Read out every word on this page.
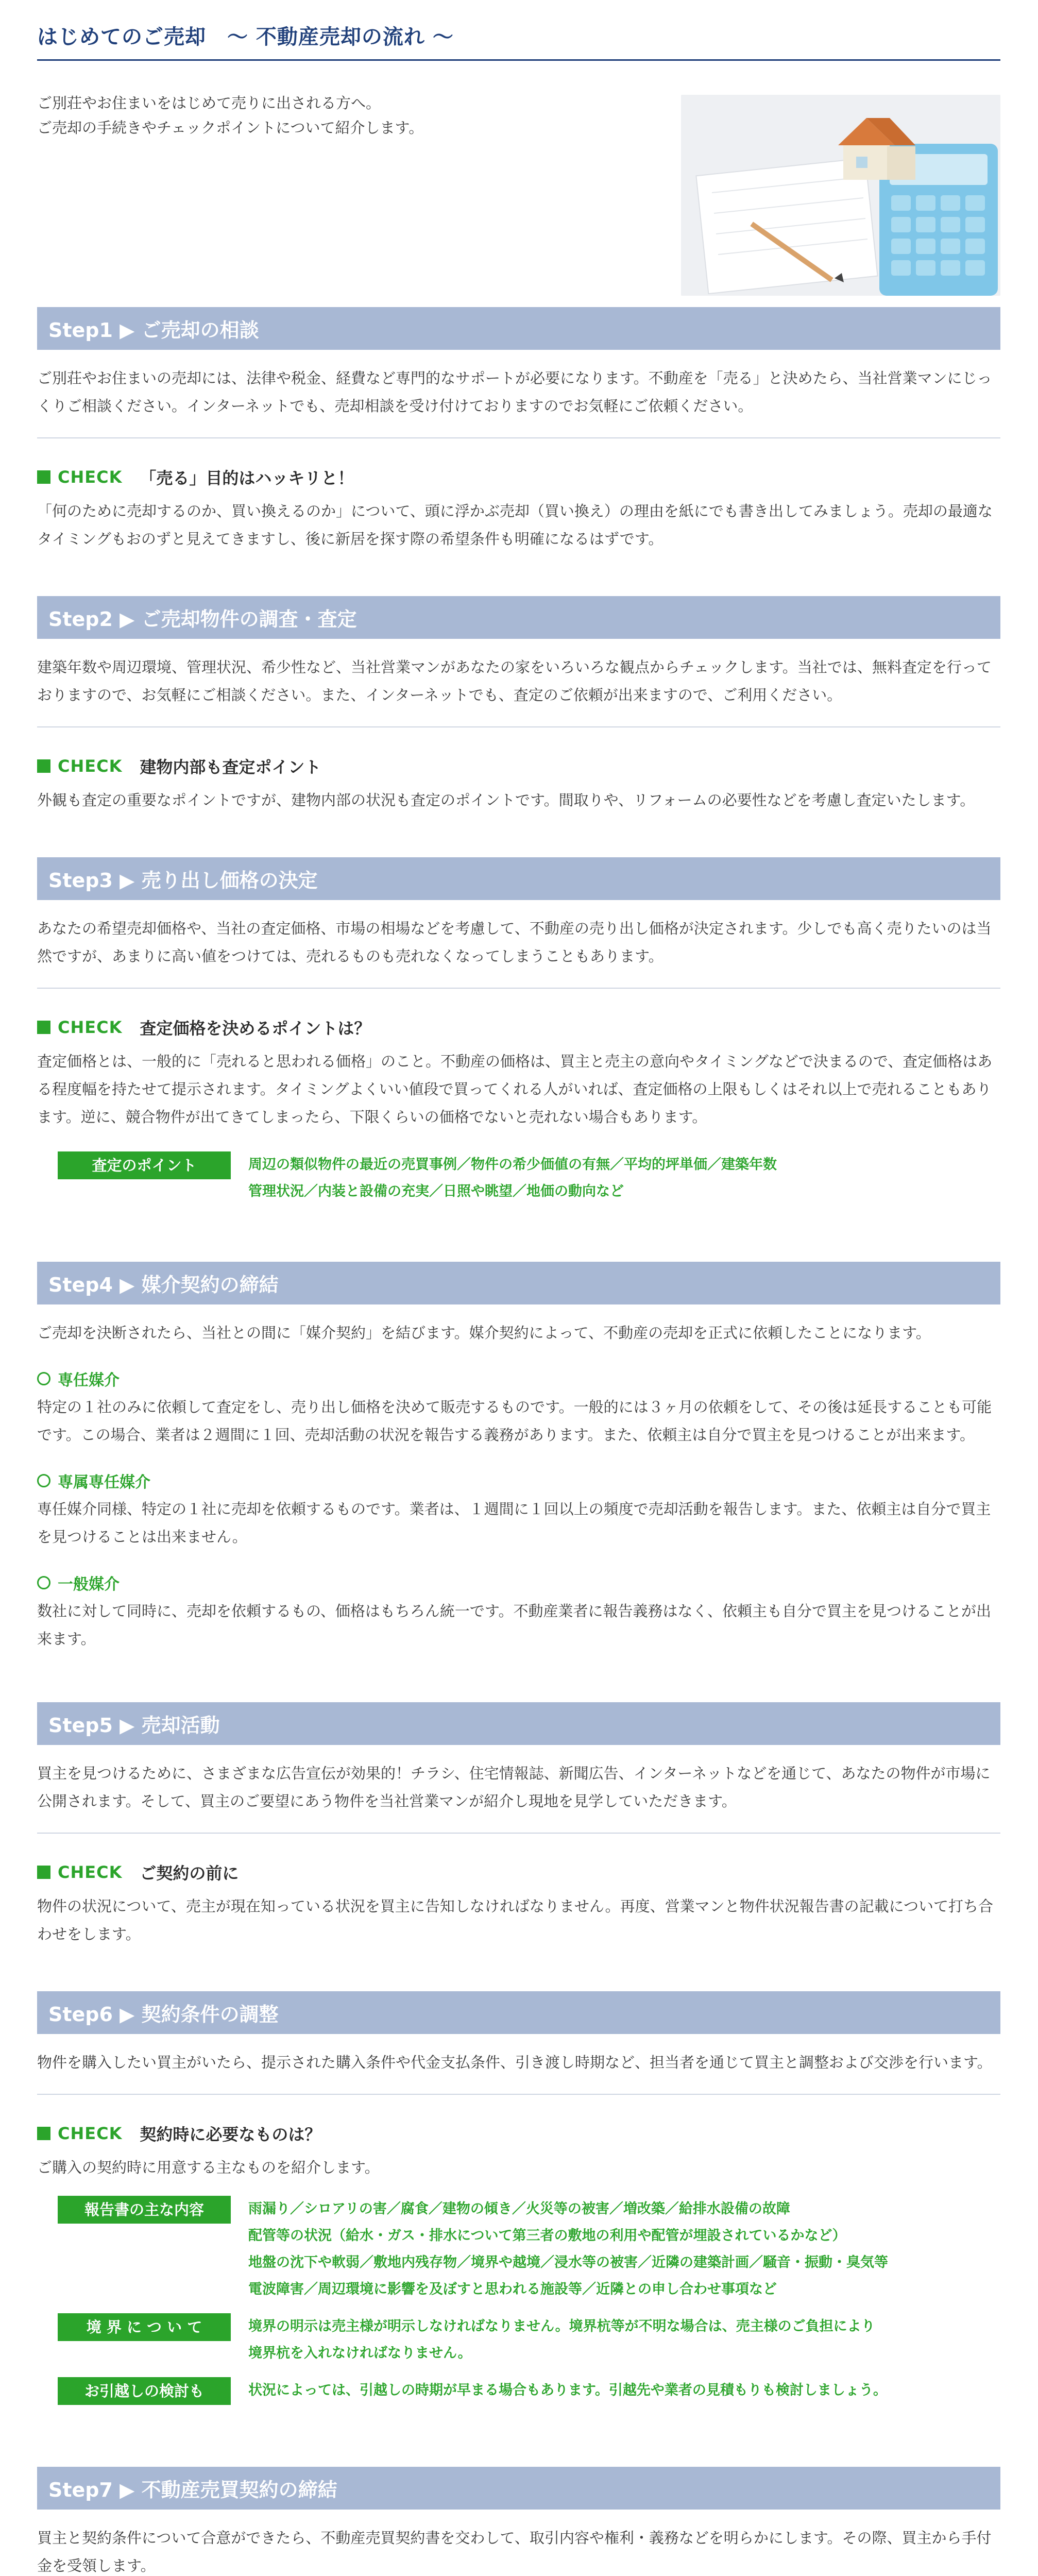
はじめてのご売却　〜 不動産売却の流れ 〜

ご別荘やお住まいをはじめて売りに出される方へ。

ご売却の手続きやチェックポイントについて紹介します。

Step1 ▶ ご売却の相談

ご別荘やお住まいの売却には、法律や税金、経費など専門的なサポートが必要になります。不動産を「売る」と決めたら、当社営業マンにじっくりご相談ください。インターネットでも、売却相談を受け付けておりますのでお気軽にご依頼ください。

CHECK 「売る」目的はハッキリと！

「何のために売却するのか、買い換えるのか」について、頭に浮かぶ売却（買い換え）の理由を紙にでも書き出してみましょう。売却の最適なタイミングもおのずと見えてきますし、後に新居を探す際の希望条件も明確になるはずです。

Step2 ▶ ご売却物件の調査・査定

建築年数や周辺環境、管理状況、希少性など、当社営業マンがあなたの家をいろいろな観点からチェックします。当社では、無料査定を行っておりますので、お気軽にご相談ください。また、インターネットでも、査定のご依頼が出来ますので、ご利用ください。

CHECK 建物内部も査定ポイント

外観も査定の重要なポイントですが、建物内部の状況も査定のポイントです。間取りや、リフォームの必要性などを考慮し査定いたします。

Step3 ▶ 売り出し価格の決定

あなたの希望売却価格や、当社の査定価格、市場の相場などを考慮して、不動産の売り出し価格が決定されます。少しでも高く売りたいのは当然ですが、あまりに高い値をつけては、売れるものも売れなくなってしまうこともあります。

CHECK 査定価格を決めるポイントは？

査定価格とは、一般的に「売れると思われる価格」のこと。不動産の価格は、買主と売主の意向やタイミングなどで決まるので、査定価格はある程度幅を持たせて提示されます。タイミングよくいい値段で買ってくれる人がいれば、査定価格の上限もしくはそれ以上で売れることもあります。逆に、競合物件が出てきてしまったら、下限くらいの価格でないと売れない場合もあります。

査定のポイント	周辺の類似物件の最近の売買事例／物件の希少価値の有無／平均的坪単価／建築年数
管理状況／内装と設備の充実／日照や眺望／地価の動向など
Step4 ▶ 媒介契約の締結

ご売却を決断されたら、当社との間に「媒介契約」を結びます。媒介契約によって、不動産の売却を正式に依頼したことになります。

専任媒介

特定の１社のみに依頼して査定をし、売り出し価格を決めて販売するものです。一般的には３ヶ月の依頼をして、その後は延長することも可能です。この場合、業者は２週間に１回、売却活動の状況を報告する義務があります。また、依頼主は自分で買主を見つけることが出来ます。

専属専任媒介

専任媒介同様、特定の１社に売却を依頼するものです。業者は、１週間に１回以上の頻度で売却活動を報告します。また、依頼主は自分で買主を見つけることは出来ません。

一般媒介

数社に対して同時に、売却を依頼するもの、価格はもちろん統一です。不動産業者に報告義務はなく、依頼主も自分で買主を見つけることが出来ます。

Step5 ▶ 売却活動

買主を見つけるために、さまざまな広告宣伝が効果的！チラシ、住宅情報誌、新聞広告、インターネットなどを通じて、あなたの物件が市場に公開されます。そして、買主のご要望にあう物件を当社営業マンが紹介し現地を見学していただきます。

CHECK ご契約の前に

物件の状況について、売主が現在知っている状況を買主に告知しなければなりません。再度、営業マンと物件状況報告書の記載について打ち合わせをします。

Step6 ▶ 契約条件の調整

物件を購入したい買主がいたら、提示された購入条件や代金支払条件、引き渡し時期など、担当者を通じて買主と調整および交渉を行います。

CHECK 契約時に必要なものは？

ご購入の契約時に用意する主なものを紹介します。

報告書の主な内容	雨漏り／シロアリの害／腐食／建物の傾き／火災等の被害／増改築／給排水設備の故障
配管等の状況（給水・ガス・排水について第三者の敷地の利用や配管が埋設されているかなど）
地盤の沈下や軟弱／敷地内残存物／境界や越境／浸水等の被害／近隣の建築計画／騒音・振動・臭気等
電波障害／周辺環境に影響を及ぼすと思われる施設等／近隣との申し合わせ事項など
境 界 に つ い て	境界の明示は売主様が明示しなければなりません。境界杭等が不明な場合は、売主様のご負担により
境界杭を入れなければなりません。
お引越しの検討も	状況によっては、引越しの時期が早まる場合もあります。引越先や業者の見積もりも検討しましょう。
Step7 ▶ 不動産売買契約の締結

買主と契約条件について合意ができたら、不動産売買契約書を交わして、取引内容や権利・義務などを明らかにします。その際、買主から手付金を受領します。
